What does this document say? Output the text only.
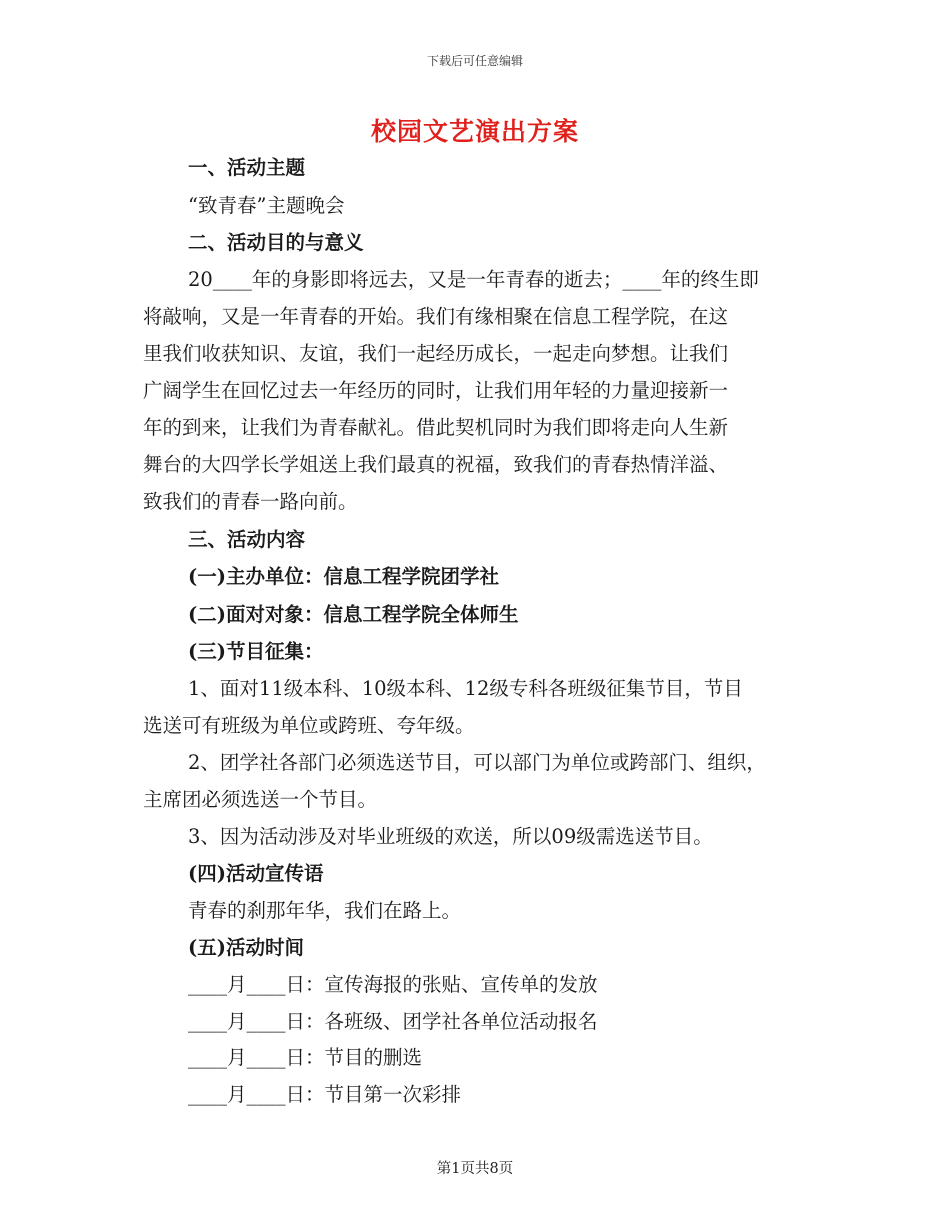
下载后可任意编辑
校园文艺演出方案
一、活动主题
“致青春”主题晚会
二、活动目的与意义
20____年的身影即将远去，又是一年青春的逝去；____年的终生即
将敲响，又是一年青春的开始。我们有缘相聚在信息工程学院，在这
里我们收获知识、友谊，我们一起经历成长，一起走向梦想。让我们
广阔学生在回忆过去一年经历的同时，让我们用年轻的力量迎接新一
年的到来，让我们为青春献礼。借此契机同时为我们即将走向人生新
舞台的大四学长学姐送上我们最真的祝福，致我们的青春热情洋溢、
致我们的青春一路向前。
三、活动内容
(一)主办单位：信息工程学院团学社
(二)面对对象：信息工程学院全体师生
(三)节目征集：
1、面对11级本科、10级本科、12级专科各班级征集节目，节目
选送可有班级为单位或跨班、夸年级。
2、团学社各部门必须选送节目，可以部门为单位或跨部门、组织，
主席团必须选送一个节目。
3、因为活动涉及对毕业班级的欢送，所以09级需选送节目。
(四)活动宣传语
青春的刹那年华，我们在路上。
(五)活动时间
____月____日：宣传海报的张贴、宣传单的发放
____月____日：各班级、团学社各单位活动报名
____月____日：节目的删选
____月____日：节目第一次彩排
第1页共8页
